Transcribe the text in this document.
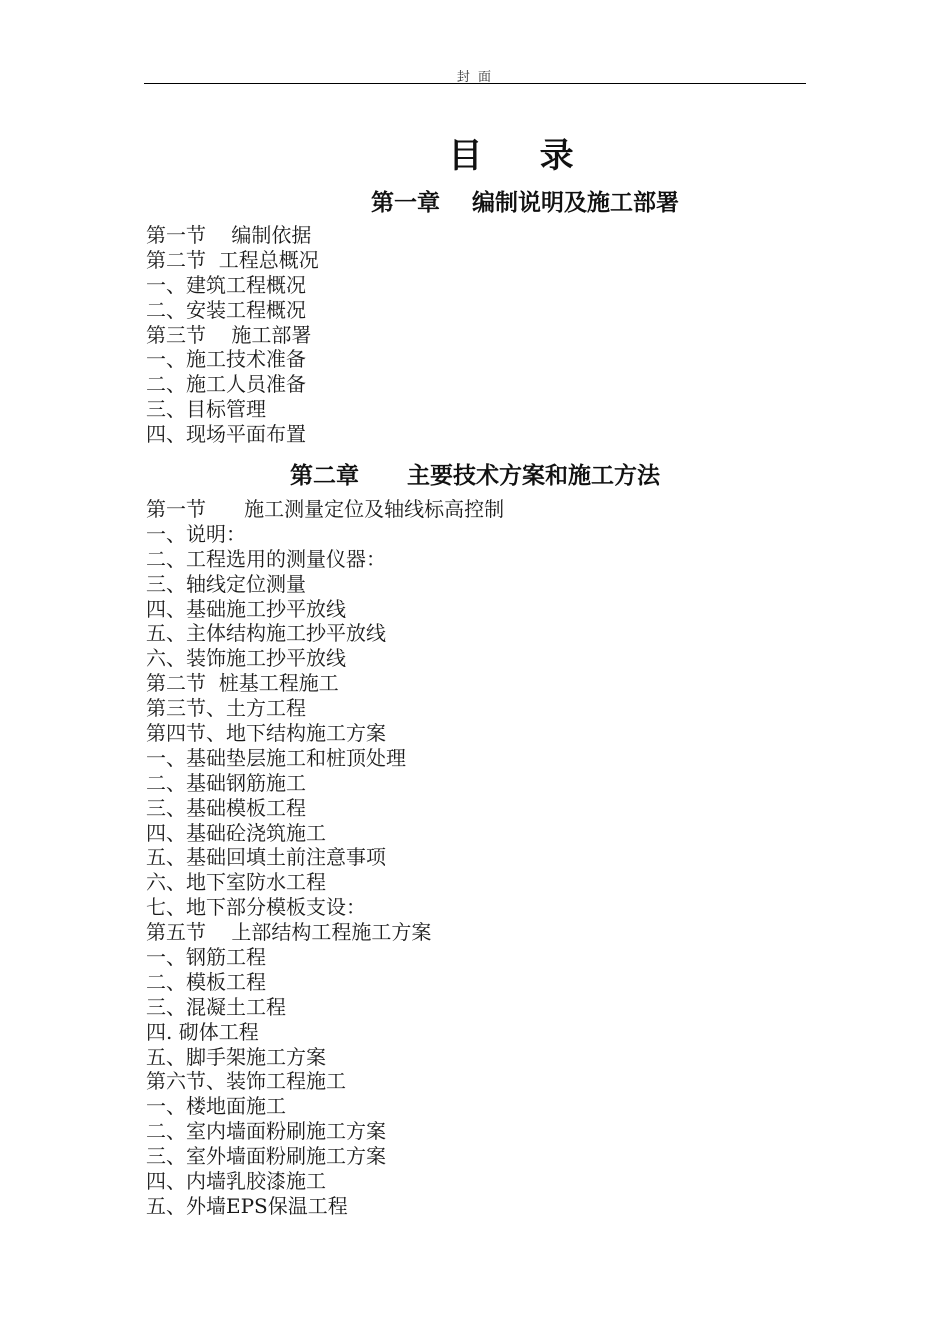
封 面
目    录
第一章    编制说明及施工部署
第一节    编制依据
第二节  工程总概况
一、建筑工程概况
二、安装工程概况
第三节    施工部署
一、施工技术准备
二、施工人员准备
三、目标管理
四、现场平面布置
第二章      主要技术方案和施工方法
第一节      施工测量定位及轴线标高控制
一、说明：
二、工程选用的测量仪器：
三、轴线定位测量
四、基础施工抄平放线
五、主体结构施工抄平放线
六、装饰施工抄平放线
第二节  桩基工程施工
第三节、土方工程
第四节、地下结构施工方案
一、基础垫层施工和桩顶处理
二、基础钢筋施工
三、基础模板工程
四、基础砼浇筑施工
五、基础回填土前注意事项
六、地下室防水工程
七、地下部分模板支设：
第五节    上部结构工程施工方案
一、钢筋工程
二、模板工程
三、混凝土工程
四. 砌体工程
五、脚手架施工方案
第六节、装饰工程施工
一、楼地面施工
二、室内墙面粉刷施工方案
三、室外墙面粉刷施工方案
四、内墙乳胶漆施工
五、外墙EPS保温工程
